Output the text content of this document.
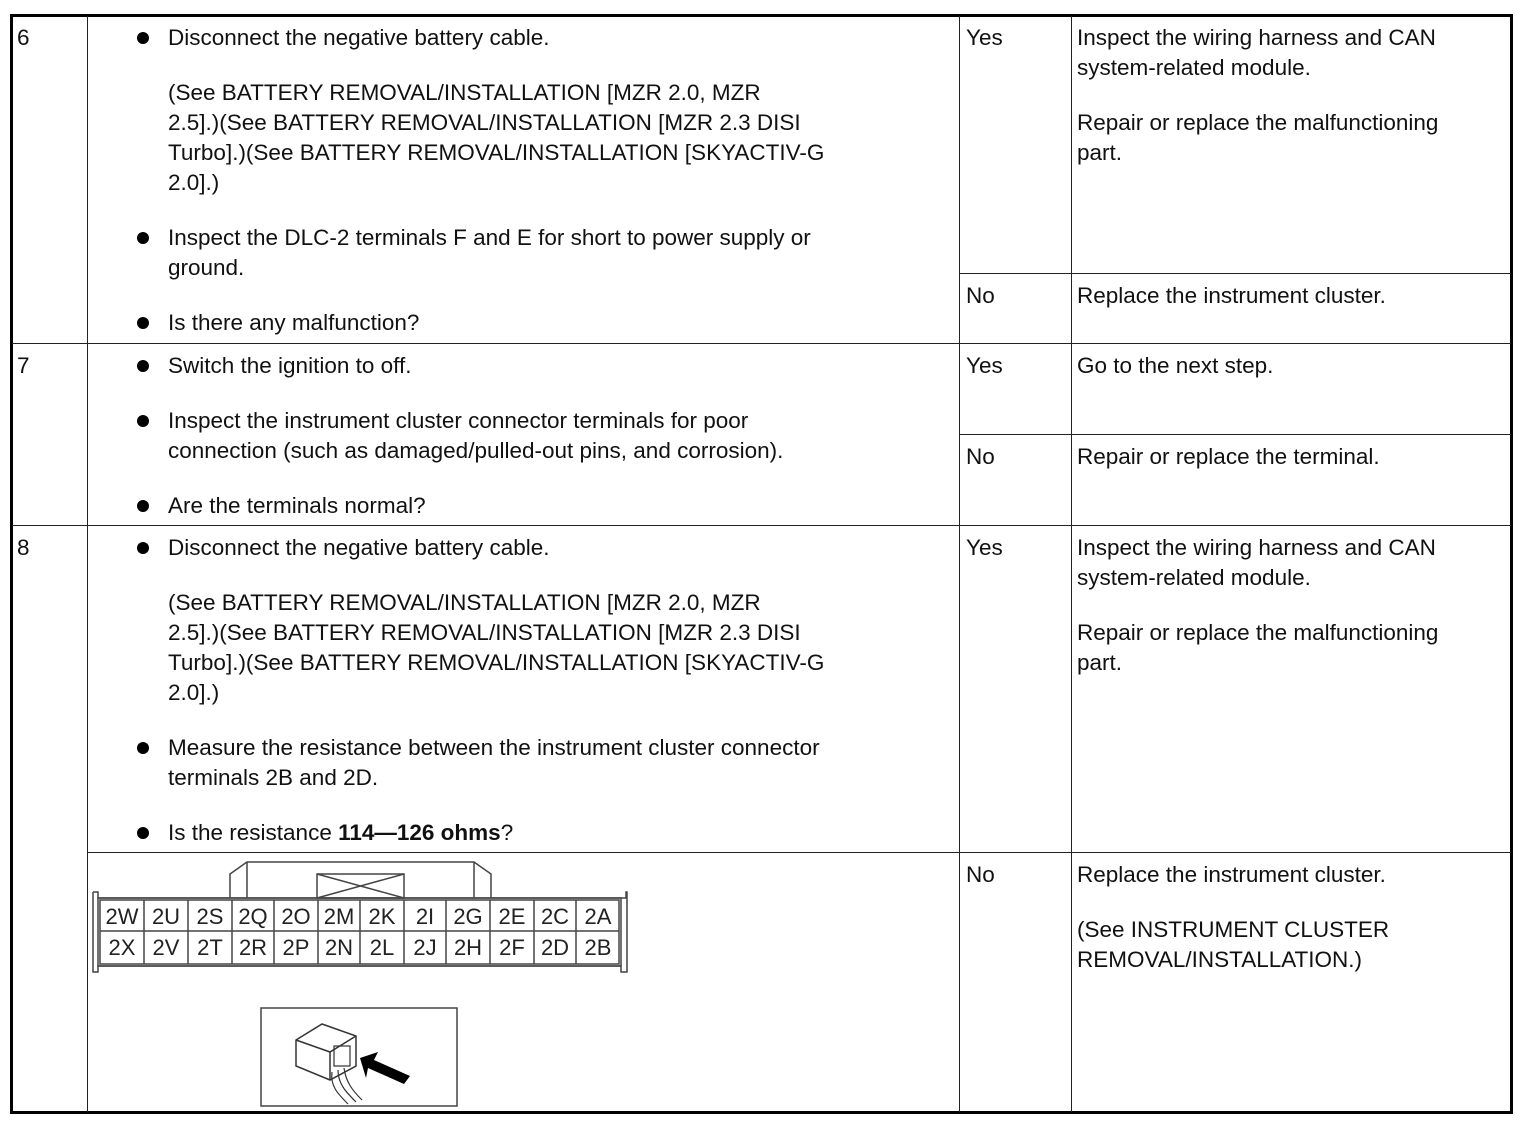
6	Disconnect the negative battery cable.
(See BATTERY REMOVAL/INSTALLATION [MZR 2.0, MZR
2.5].)(See BATTERY REMOVAL/INSTALLATION [MZR 2.3 DISI
Turbo].)(See BATTERY REMOVAL/INSTALLATION [SKYACTIV-G
2.0].)
Inspect the DLC-2 terminals F and E for short to power supply or
ground.
Is there any malfunction?
Yes	Inspect the wiring harness and CAN
system-related module.
Repair or replace the malfunctioning
part.
No	Replace the instrument cluster.
7	Switch the ignition to off.
Inspect the instrument cluster connector terminals for poor
connection (such as damaged/pulled-out pins, and corrosion).
Are the terminals normal?
Yes	Go to the next step.
No	Repair or replace the terminal.
8	Disconnect the negative battery cable.
(See BATTERY REMOVAL/INSTALLATION [MZR 2.0, MZR
2.5].)(See BATTERY REMOVAL/INSTALLATION [MZR 2.3 DISI
Turbo].)(See BATTERY REMOVAL/INSTALLATION [SKYACTIV-G
2.0].)
Measure the resistance between the instrument cluster connector
terminals 2B and 2D.
Is the resistance 114—126 ohms?
Yes	Inspect the wiring harness and CAN
system-related module.
Repair or replace the malfunctioning
part.
No	Replace the instrument cluster.
(See INSTRUMENT CLUSTER
REMOVAL/INSTALLATION.)
2W 2U 2S 2Q 2O 2M 2K 2I 2G 2E 2C 2A
2X 2V 2T 2R 2P 2N 2L 2J 2H 2F 2D 2B
